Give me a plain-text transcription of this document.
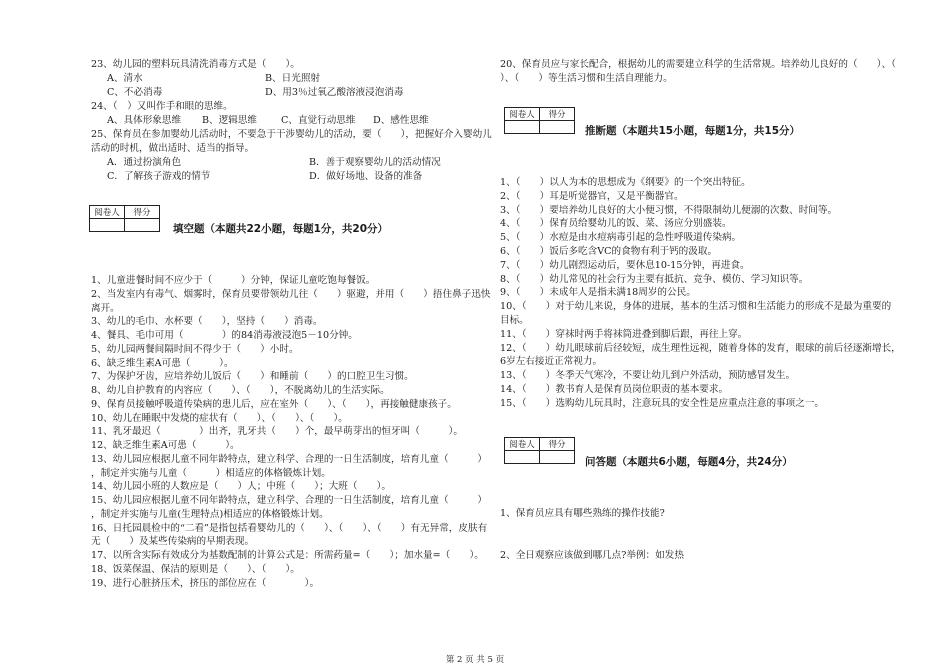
23、幼儿园的塑料玩具清洗消毒方式是（　　）。
A、清水	B、日光照射
C、不必消毒	D、用3％过氧乙酸溶液浸泡消毒
24、（　）又叫作手和眼的思维。
A、具体形象思维 B、逻辑思维 C、直觉行动思维 D、感性思维
25、保育员在参加婴幼儿活动时，不要急于干涉婴幼儿的活动，要（　　），把握好介入婴幼儿
活动的时机，做出适时、适当的指导。
A．通过扮演角色	B．善于观察婴幼儿的活动情况
C．了解孩子游戏的情节	D．做好场地、设备的准备
阅卷人	得分

填空题（本题共22小题，每题1分，共20分）
1、儿童进餐时间不应少于（　　　）分钟，保证儿童吃饱每餐饭。
2、当发室内有毒气、烟雾时，保育员要带领幼儿往（　　）驱避，并用（　　）捂住鼻子迅快
离开。
3、幼儿的毛巾、水杯要（　　），坚持（　　）消毒。
4、餐具、毛巾可用（　　　　）的84消毒液浸泡5－10分钟。
5、幼儿园两餐间隔时间不得少于（　　）小时。
6、缺乏维生素A可患（　　　）。
7、为保护牙齿，应培养幼儿饭后（　　）和睡前（　　）的口腔卫生习惯。
8、幼儿自护教育的内容应（　　）、（　　），不脱离幼儿的生活实际。
9、保育员接触呼吸道传染病的患儿后，应在室外（　　）、（　　），再接触健康孩子。
10、幼儿在睡眠中发烧的症状有（　　）、（　　）、（　　）。
11、乳牙最迟（　　　　）出齐，乳牙共（　　）个，最早萌芽出的恒牙叫（　　　）。
12、缺乏维生素A可患（　　　）。
13、幼儿园应根据儿童不同年龄特点，建立科学、合理的一日生活制度，培育儿童（　　　）
，制定并实施与儿童（　　　）相适应的体格锻炼计划。
14、幼儿园小班的人数应是（　　）人；中班（　　）；大班（　　）。
15、幼儿园应根据儿童不同年龄特点，建立科学、合理的一日生活制度，培育儿童（　　　）
，制定并实施与儿童(生理特点)相适应的体格锻炼计划。
16、日托园晨检中的“二看”是指包括看婴幼儿的（　　）、（　　）、（　　）有无异常，皮肤有
无（　　）及某些传染病的早期表现。
17、以所含实际有效成分为基数配制的计算公式是：所需药量=（　　）；加水量=（　　）。
18、饭菜保温、保洁的原则是（　　）、（　　）。
19、进行心脏挤压术，挤压的部位应在（　　　　）。
20、保育员应与家长配合，根据幼儿的需要建立科学的生活常规。培养幼儿良好的（　　）、（
）、（　　）等生活习惯和生活自理能力。
阅卷人	得分

推断题（本题共15小题，每题1分，共15分）
1、（　　）以人为本的思想成为《纲要》的一个突出特征。
2、（　　）耳是听觉器官，又是平衡器官。
3、（　　）要培养幼儿良好的大小便习惯，不得限制幼儿便溺的次数、时间等。
4、（　　）保育员给婴幼儿的饭、菜、汤应分别盛装。
5、（　　）水痘是由水痘病毒引起的急性呼吸道传染病。
6、（　　）饭后多吃含VC的食物有利于钙的汲取。
7、（　　）幼儿剧烈运动后，要休息10-15分钟，再进食。
8、（　　）幼儿常见的社会行为主要有抵抗、竞争、模仿、学习知识等。
9、（　　）未成年人是指未满18周岁的公民。
10、（　　）对于幼儿来说，身体的进展，基本的生活习惯和生活能力的形成不是最为重要的
目标。
11、（　　）穿袜时两手将袜筒进叠到脚后跟，再往上穿。
12、（　　）幼儿眼球前后径较短，成生理性远视，随着身体的发育，眼球的前后径逐渐增长，
6岁左右接近正常视力。
13、（　　）冬季天气寒冷，不要让幼儿到户外活动，预防感冒发生。
14、（　　）教书育人是保育员岗位职责的基本要求。
15、（　　）选购幼儿玩具时，注意玩具的安全性是应重点注意的事项之一。
阅卷人	得分

问答题（本题共6小题，每题4分，共24分）
1、保育员应具有哪些熟练的操作技能?
2、全日观察应该做到哪几点?举例：如发热
第 2 页 共 5 页
